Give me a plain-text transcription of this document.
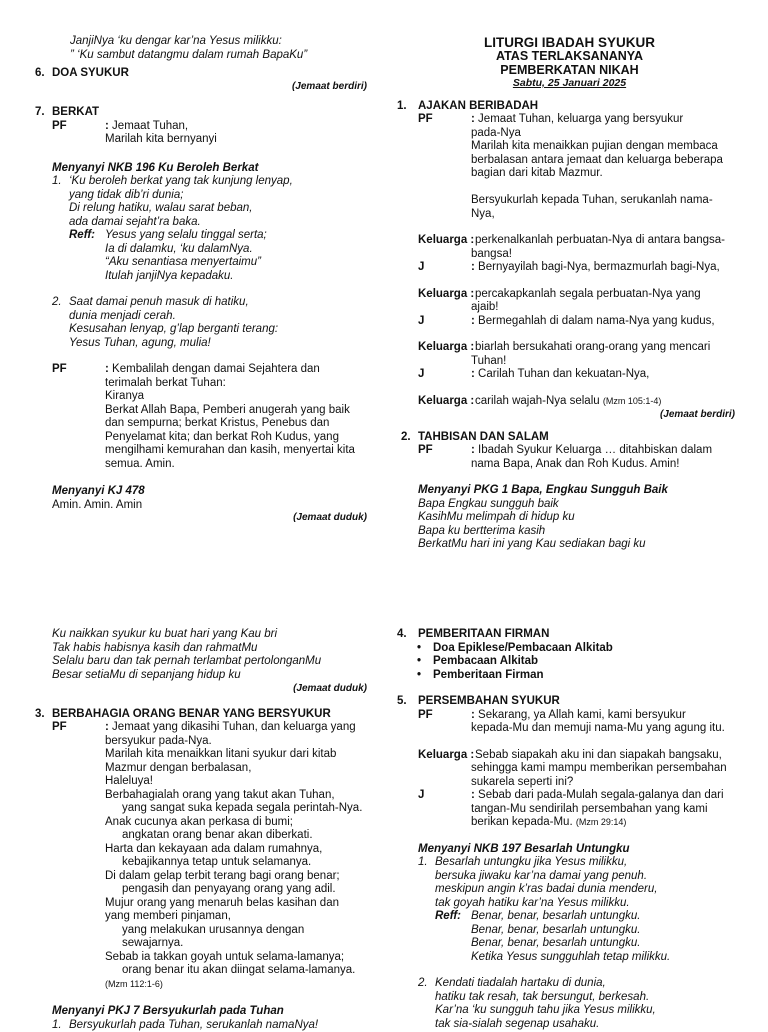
JanjiNya ‘ku dengar kar’na Yesus milikku:
” ‘Ku sambut datangmu dalam rumah BapaKu”
6. DOA SYUKUR
(Jemaat berdiri)
7. BERKAT
PF	: Jemaat Tuhan,
Marilah kita bernyanyi
Menyanyi NKB 196 Ku Beroleh Berkat
1. ‘Ku beroleh berkat yang tak kunjung lenyap,
yang tidak dib’ri dunia;
Di relung hatiku, walau sarat beban,
ada damai sejaht’ra baka.
Reff: Yesus yang selalu tinggal serta;
Ia di dalamku, ‘ku dalamNya.
“Aku senantiasa menyertaimu”
Itulah janjiNya kepadaku.
2. Saat damai penuh masuk di hatiku,
dunia menjadi cerah.
Kesusahan lenyap, g’lap berganti terang:
Yesus Tuhan, agung, mulia!
PF	: Kembalilah dengan damai Sejahtera dan
terimalah berkat Tuhan:
Kiranya
Berkat Allah Bapa, Pemberi anugerah yang baik
dan sempurna; berkat Kristus, Penebus dan
Penyelamat kita; dan berkat Roh Kudus, yang
mengilhami kemurahan dan kasih, menyertai kita
semua. Amin.
Menyanyi KJ 478
Amin. Amin. Amin
(Jemaat duduk)
LITURGI IBADAH SYUKUR
ATAS TERLAKSANANYA
PEMBERKATAN NIKAH
Sabtu, 25 Januari 2025
1. AJAKAN BERIBADAH
PF	: Jemaat Tuhan, keluarga yang bersyukur
pada-Nya
Marilah kita menaikkan pujian dengan membaca
berbalasan antara jemaat dan keluarga beberapa
bagian dari kitab Mazmur.
Bersyukurlah kepada Tuhan, serukanlah nama-
Nya,
Keluarga : perkenalkanlah perbuatan-Nya di antara bangsa-
bangsa!
J	: Bernyayilah bagi-Nya, bermazmurlah bagi-Nya,
Keluarga : percakapkanlah segala perbuatan-Nya yang
ajaib!
J	: Bermegahlah di dalam nama-Nya yang kudus,
Keluarga : biarlah bersukahati orang-orang yang mencari
Tuhan!
J	: Carilah Tuhan dan kekuatan-Nya,
Keluarga : carilah wajah-Nya selalu (Mzm 105:1-4)
(Jemaat berdiri)
2. TAHBISAN DAN SALAM
PF	: Ibadah Syukur Keluarga … ditahbiskan dalam
nama Bapa, Anak dan Roh Kudus. Amin!
Menyanyi PKG 1 Bapa, Engkau Sungguh Baik
Bapa Engkau sungguh baik
KasihMu melimpah di hidup ku
Bapa ku bertterima kasih
BerkatMu hari ini yang Kau sediakan bagi ku
Ku naikkan syukur ku buat hari yang Kau bri
Tak habis habisnya kasih dan rahmatMu
Selalu baru dan tak pernah terlambat pertolonganMu
Besar setiaMu di sepanjang hidup ku
(Jemaat duduk)
3. BERBAHAGIA ORANG BENAR YANG BERSYUKUR
PF	: Jemaat yang dikasihi Tuhan, dan keluarga yang
bersyukur pada-Nya.
Marilah kita menaikkan litani syukur dari kitab
Mazmur dengan berbalasan,
Haleluya!
Berbahagialah orang yang takut akan Tuhan,
yang sangat suka kepada segala perintah-Nya.
Anak cucunya akan perkasa di bumi;
angkatan orang benar akan diberkati.
Harta dan kekayaan ada dalam rumahnya,
kebajikannya tetap untuk selamanya.
Di dalam gelap terbit terang bagi orang benar;
pengasih dan penyayang orang yang adil.
Mujur orang yang menaruh belas kasihan dan
yang memberi pinjaman,
yang melakukan urusannya dengan
sewajarnya.
Sebab ia takkan goyah untuk selama-lamanya;
orang benar itu akan diingat selama-lamanya.
(Mzm 112:1-6)
Menyanyi PKJ 7 Bersyukurlah pada Tuhan
1. Bersyukurlah pada Tuhan, serukanlah namaNya!
4. PEMBERITAAN FIRMAN
• Doa Epiklese/Pembacaan Alkitab
• Pembacaan Alkitab
• Pemberitaan Firman
5. PERSEMBAHAN SYUKUR
PF	: Sekarang, ya Allah kami, kami bersyukur
kepada-Mu dan memuji nama-Mu yang agung itu.
Keluarga : Sebab siapakah aku ini dan siapakah bangsaku,
sehingga kami mampu memberikan persembahan
sukarela seperti ini?
J	: Sebab dari pada-Mulah segala-galanya dan dari
tangan-Mu sendirilah persembahan yang kami
berikan kepada-Mu. (Mzm 29:14)
Menyanyi NKB 197 Besarlah Untungku
1. Besarlah untungku jika Yesus milikku,
bersuka jiwaku kar’na damai yang penuh.
meskipun angin k’ras badai dunia menderu,
tak goyah hatiku kar’na Yesus milikku.
Reff: Benar, benar, besarlah untungku.
Benar, benar, besarlah untungku.
Benar, benar, besarlah untungku.
Ketika Yesus sungguhlah tetap milikku.
2. Kendati tiadalah hartaku di dunia,
hatiku tak resah, tak bersungut, berkesah.
Kar’na ‘ku sungguh tahu jika Yesus milikku,
tak sia-sialah segenap usahaku.
